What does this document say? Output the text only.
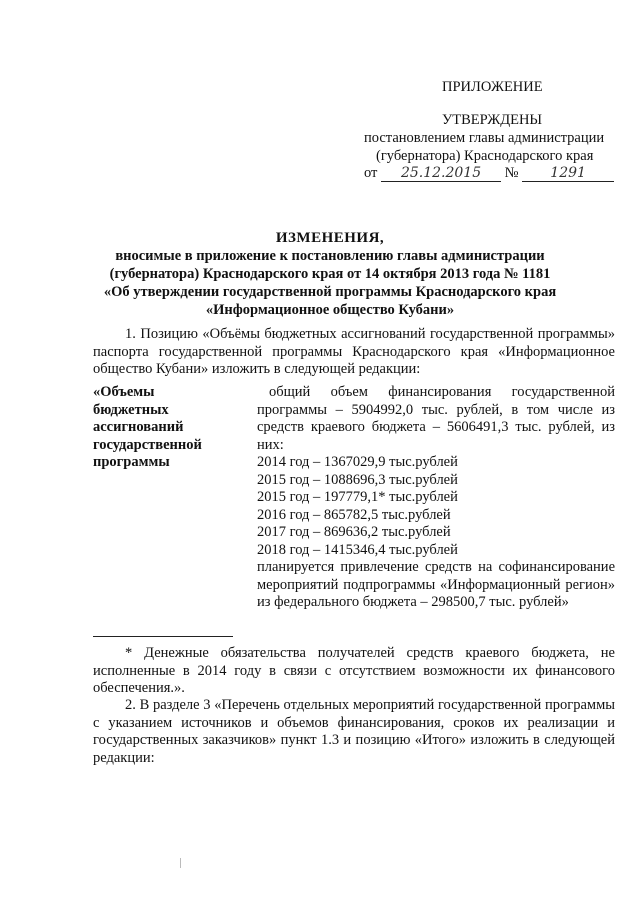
ПРИЛОЖЕНИЕ
УТВЕРЖДЕНЫ
постановлением главы администрации
(губернатора) Краснодарского края
от 25.12.2015 № 1291
ИЗМЕНЕНИЯ,
вносимые в приложение к постановлению главы администрации
(губернатора) Краснодарского края от 14 октября 2013 года № 1181
«Об утверждении государственной программы Краснодарского края
«Информационное общество Кубани»
1. Позицию «Объёмы бюджетных ассигнований государственной программы» паспорта государственной программы Краснодарского края «Информационное общество Кубани» изложить в следующей редакции:
«Объемы бюджетных ассигнований государственной программы

общий объем финансирования государственной программы – 5904992,0 тыс. рублей, в том числе из средств краевого бюджета – 5606491,3 тыс. рублей, из них:

2014 год – 1367029,9 тыс.рублей

2015 год – 1088696,3 тыс.рублей

2015 год – 197779,1* тыс.рублей

2016 год – 865782,5 тыс.рублей

2017 год – 869636,2 тыс.рублей

2018 год – 1415346,4 тыс.рублей

планируется привлечение средств на софинансирование мероприятий подпрограммы «Информационный регион» из федерального бюджета – 298500,7 тыс. рублей»

* Денежные обязательства получателей средств краевого бюджета, не исполненные в 2014 году в связи с отсутствием возможности их финансового обеспечения.».
2. В разделе 3 «Перечень отдельных мероприятий государственной программы с указанием источников и объемов финансирования, сроков их реализации и государственных заказчиков» пункт 1.3 и позицию «Итого» изложить в следующей редакции:
